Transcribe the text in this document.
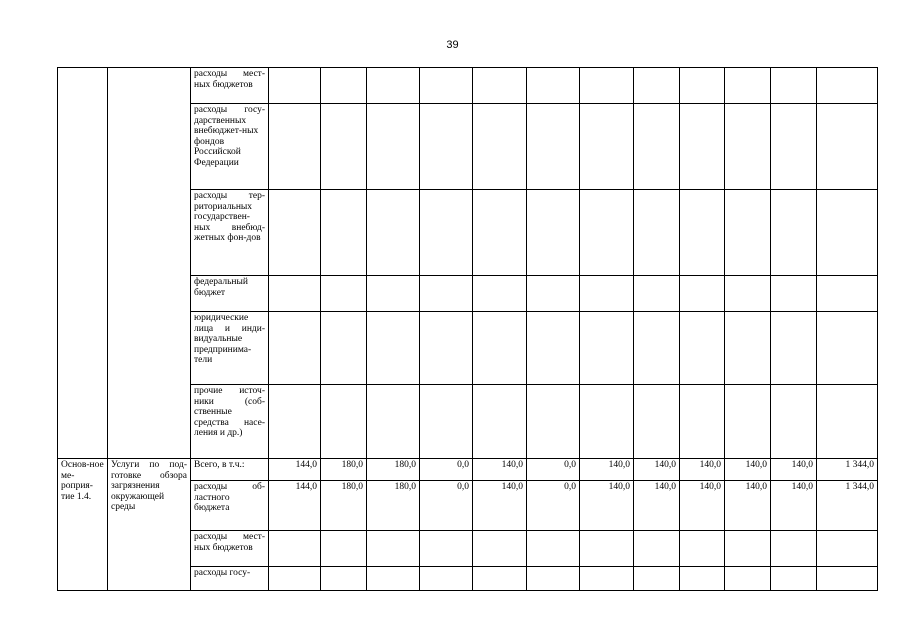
39
		расходы мест-ных бюджетов												
		расходы госу-дарственных внебюджет-ных фондов Российской Федерации												
		расходы тер-риториальных государствен-ных внебюд-жетных фон-дов												
		федеральный бюджет												
		юридические лица и инди-видуальные предпринима-тели												
		прочие источ-ники (соб-ственные средства насе-ления и др.)												
Основ-ное ме-роприя-тие 1.4.	Услуги по под-готовке обзора загрязнения окружающей среды	Всего, в т.ч.:	144,0	180,0	180,0	0,0	140,0	0,0	140,0	140,0	140,0	140,0	140,0	1 344,0
		расходы об-ластного бюджета	144,0	180,0	180,0	0,0	140,0	0,0	140,0	140,0	140,0	140,0	140,0	1 344,0
		расходы мест-ных бюджетов												
		расходы госу-												
